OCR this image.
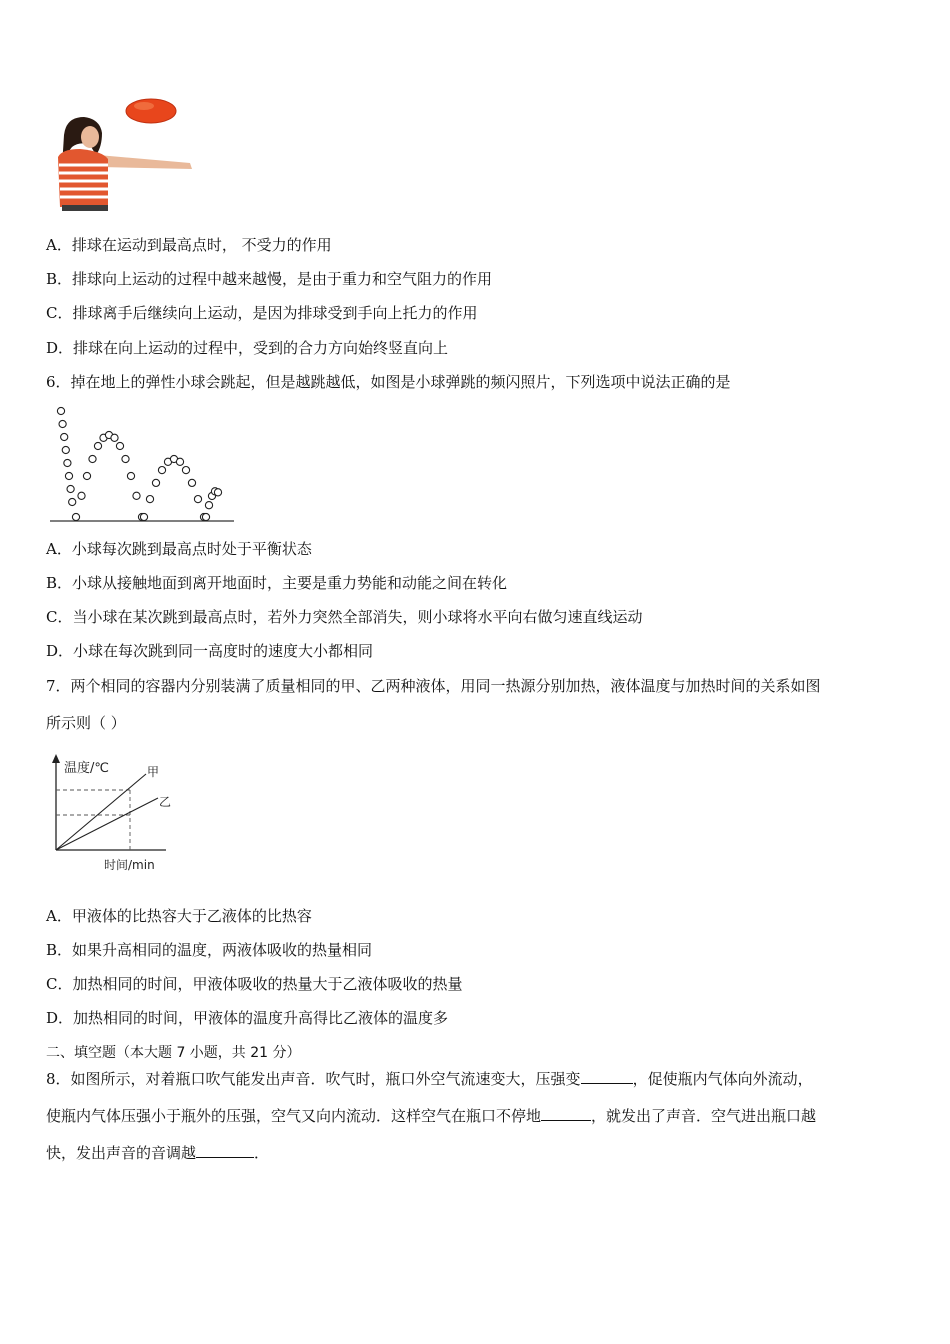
A．排球在运动到最高点时， 不受力的作用
B．排球向上运动的过程中越来越慢，是由于重力和空气阻力的作用
C．排球离手后继续向上运动，是因为排球受到手向上托力的作用
D．排球在向上运动的过程中，受到的合力方向始终竖直向上
6．掉在地上的弹性小球会跳起，但是越跳越低，如图是小球弹跳的频闪照片，下列选项中说法正确的是
A．小球每次跳到最高点时处于平衡状态
B．小球从接触地面到离开地面时，主要是重力势能和动能之间在转化
C．当小球在某次跳到最高点时，若外力突然全部消失，则小球将水平向右做匀速直线运动
D．小球在每次跳到同一高度时的速度大小都相同
7．两个相同的容器内分别装满了质量相同的甲、乙两种液体，用同一热源分别加热，液体温度与加热时间的关系如图
所示则（ ）
温度/℃
时间/min
甲
乙
A．甲液体的比热容大于乙液体的比热容
B．如果升高相同的温度，两液体吸收的热量相同
C．加热相同的时间，甲液体吸收的热量大于乙液体吸收的热量
D．加热相同的时间，甲液体的温度升高得比乙液体的温度多
二、填空题（本大题 7 小题，共 21 分）
8．如图所示，对着瓶口吹气能发出声音．吹气时，瓶口外空气流速变大，压强变	，促使瓶内气体向外流动，
使瓶内气体压强小于瓶外的压强，空气又向内流动．这样空气在瓶口不停地	，就发出了声音．空气进出瓶口越
快，发出声音的音调越	．
